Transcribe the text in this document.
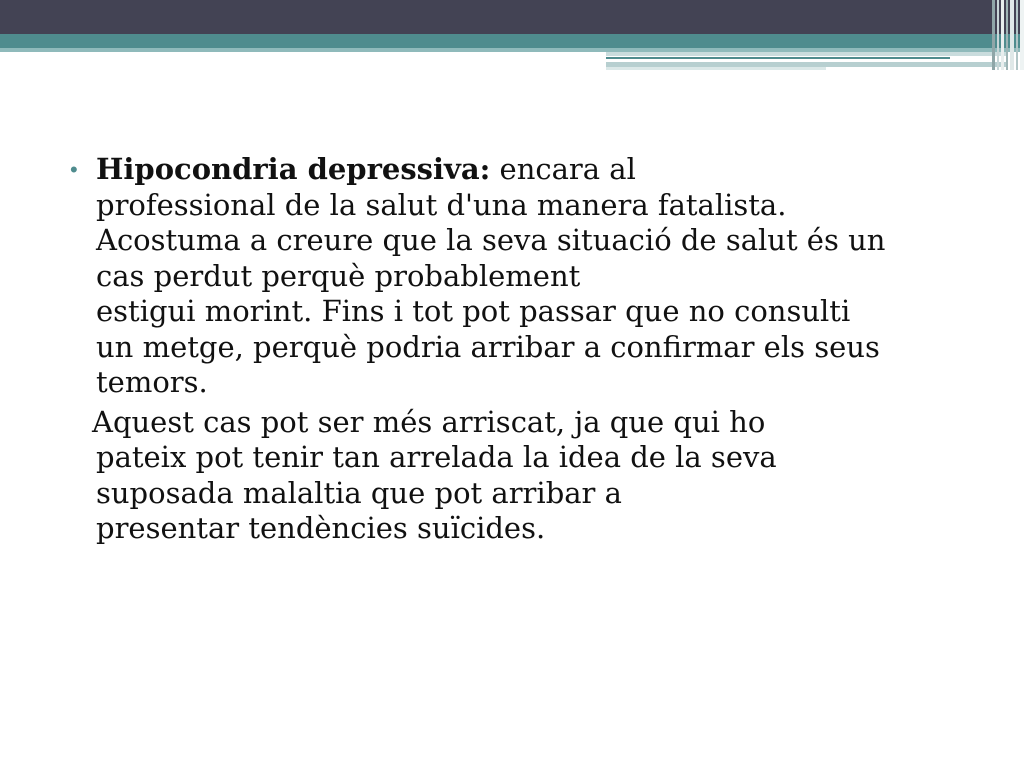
• Hipocondria depressiva: encara al
professional de la salut d'una manera fatalista.
Acostuma a creure que la seva situació de salut és un
cas perdut perquè probablement
estigui morint. Fins i tot pot passar que no consulti
un metge, perquè podria arribar a confirmar els seus
temors.
Aquest cas pot ser més arriscat, ja que qui ho
pateix pot tenir tan arrelada la idea de la seva
suposada malaltia que pot arribar a
presentar tendències suïcides.
